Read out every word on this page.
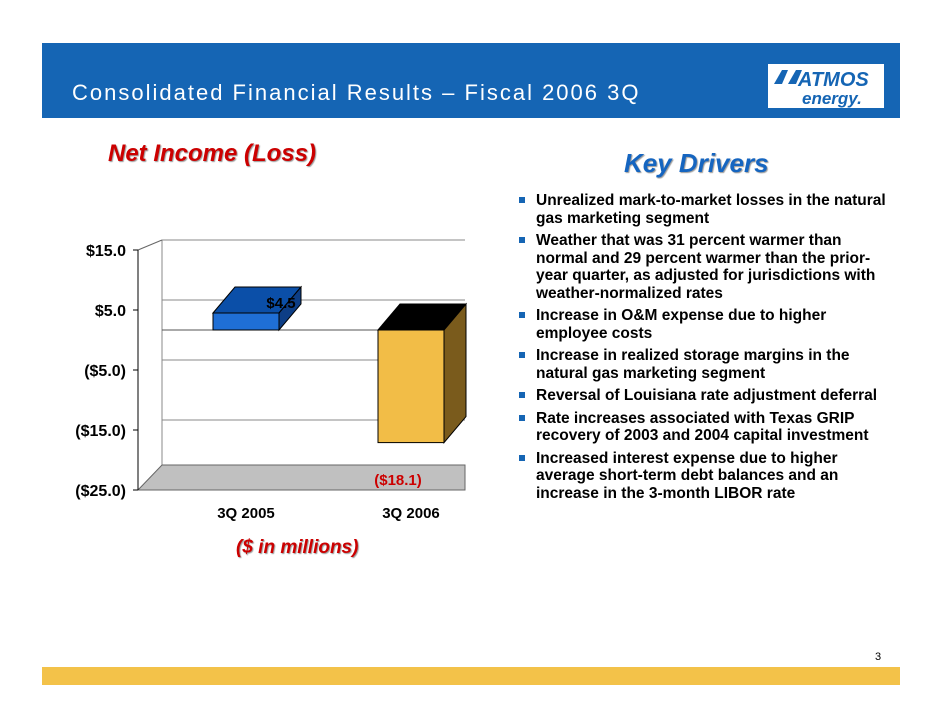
Consolidated Financial Results – Fiscal 2006 3Q	ATMOS
energy.
Net Income (Loss)
$15.0
$5.0
($5.0)
($15.0)
($25.0)
$4.5
3Q 2005
($18.1)
3Q 2006
($ in millions)
Key Drivers
Unrealized mark-to-market losses in the natural gas marketing segment
Weather that was 31 percent warmer than normal and 29 percent warmer than the prior-year quarter, as adjusted for jurisdictions with weather-normalized rates
Increase in O&M expense due to higher employee costs
Increase in realized storage margins in the natural gas marketing segment
Reversal of Louisiana rate adjustment deferral
Rate increases associated with Texas GRIP recovery of 2003 and 2004 capital investment
Increased interest expense due to higher average short-term debt balances and an increase in the 3-month LIBOR rate
3
